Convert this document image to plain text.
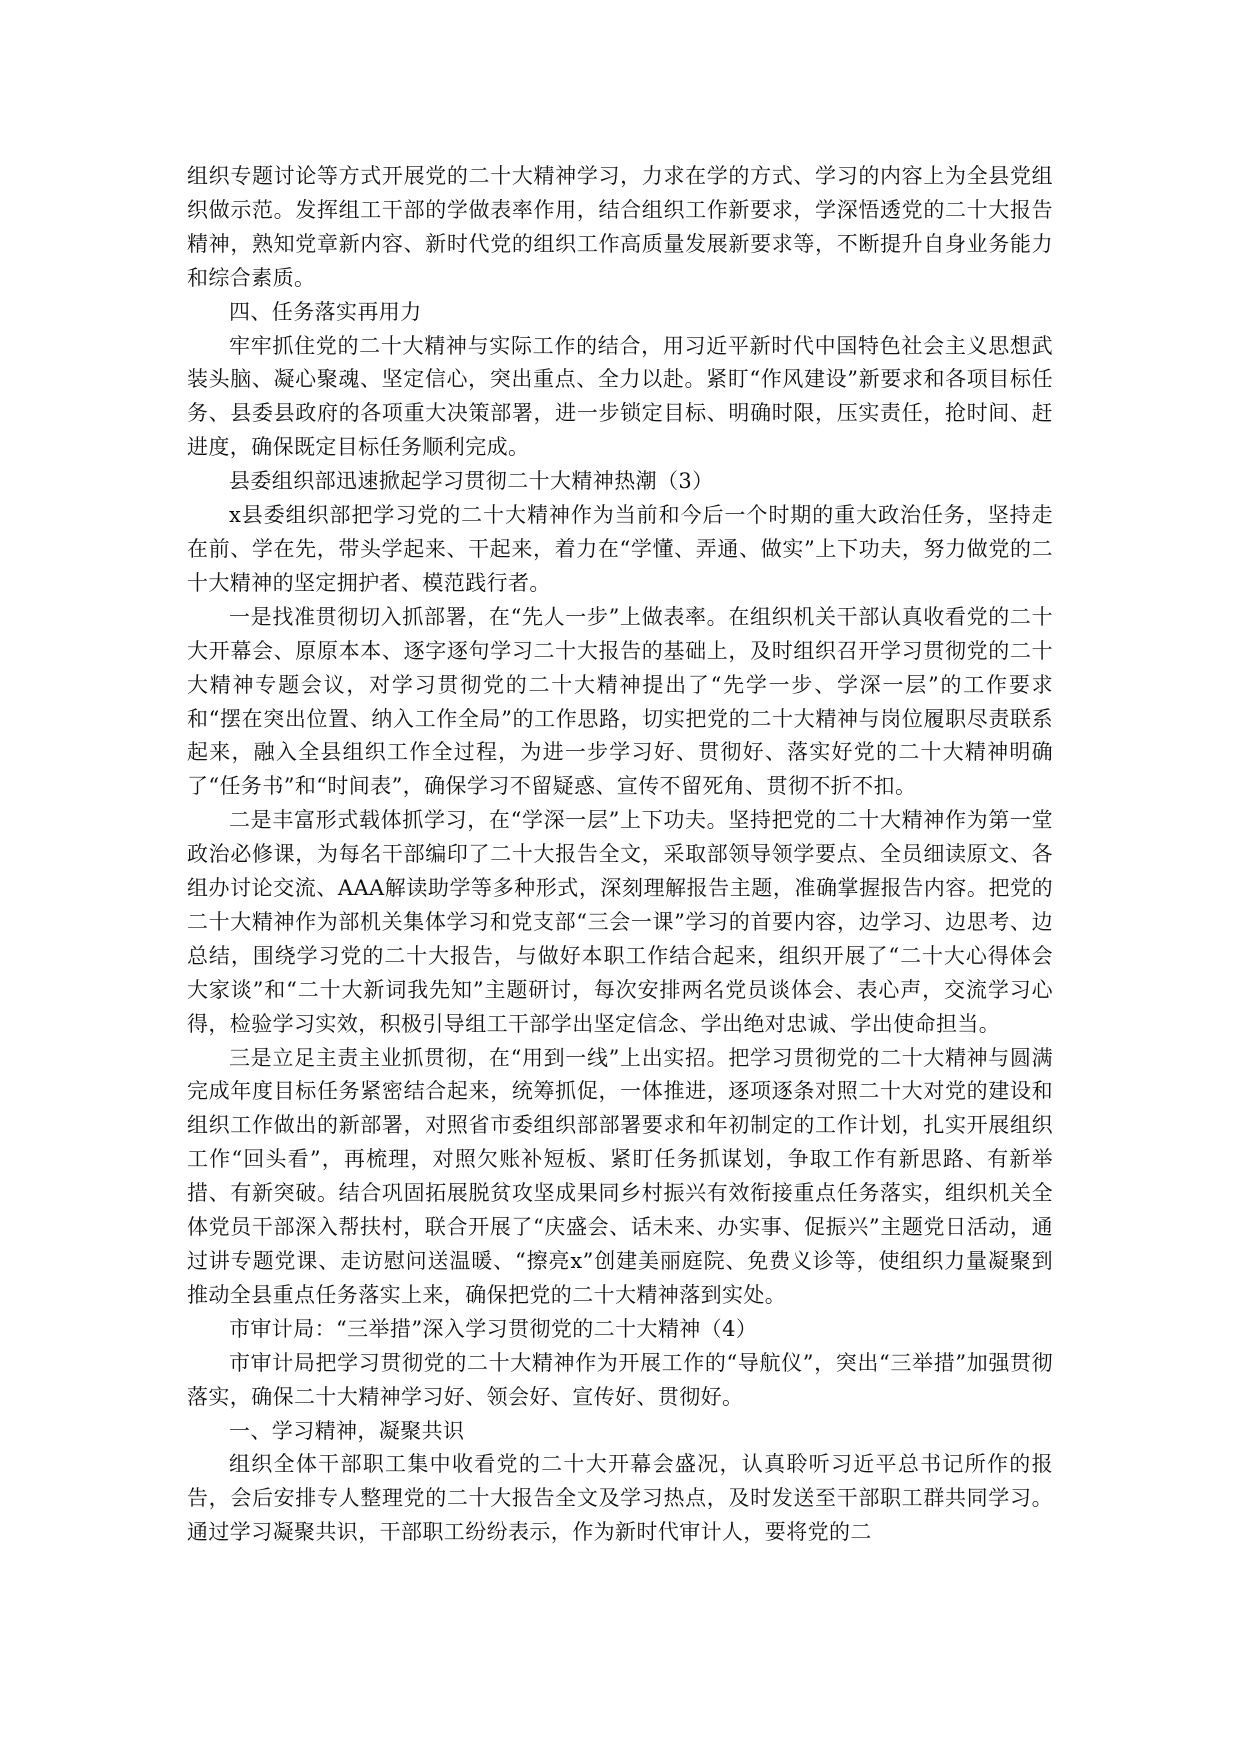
组织专题讨论等方式开展党的二十大精神学习，力求在学的方式、学习的内容上为全县党组织做示范。发挥组工干部的学做表率作用，结合组织工作新要求，学深悟透党的二十大报告精神，熟知党章新内容、新时代党的组织工作高质量发展新要求等，不断提升自身业务能力和综合素质。

四、任务落实再用力

牢牢抓住党的二十大精神与实际工作的结合，用习近平新时代中国特色社会主义思想武装头脑、凝心聚魂、坚定信心，突出重点、全力以赴。紧盯“作风建设”新要求和各项目标任务、县委县政府的各项重大决策部署，进一步锁定目标、明确时限，压实责任，抢时间、赶进度，确保既定目标任务顺利完成。

县委组织部迅速掀起学习贯彻二十大精神热潮（3）

x县委组织部把学习党的二十大精神作为当前和今后一个时期的重大政治任务，坚持走在前、学在先，带头学起来、干起来，着力在“学懂、弄通、做实”上下功夫，努力做党的二十大精神的坚定拥护者、模范践行者。

一是找准贯彻切入抓部署，在“先人一步”上做表率。在组织机关干部认真收看党的二十大开幕会、原原本本、逐字逐句学习二十大报告的基础上，及时组织召开学习贯彻党的二十大精神专题会议，对学习贯彻党的二十大精神提出了“先学一步、学深一层”的工作要求和“摆在突出位置、纳入工作全局”的工作思路，切实把党的二十大精神与岗位履职尽责联系起来，融入全县组织工作全过程，为进一步学习好、贯彻好、落实好党的二十大精神明确了“任务书”和“时间表”，确保学习不留疑惑、宣传不留死角、贯彻不折不扣。

二是丰富形式载体抓学习，在“学深一层”上下功夫。坚持把党的二十大精神作为第一堂政治必修课，为每名干部编印了二十大报告全文，采取部领导领学要点、全员细读原文、各组办讨论交流、AAA解读助学等多种形式，深刻理解报告主题，准确掌握报告内容。把党的二十大精神作为部机关集体学习和党支部“三会一课”学习的首要内容，边学习、边思考、边总结，围绕学习党的二十大报告，与做好本职工作结合起来，组织开展了“二十大心得体会大家谈”和“二十大新词我先知”主题研讨，每次安排两名党员谈体会、表心声，交流学习心得，检验学习实效，积极引导组工干部学出坚定信念、学出绝对忠诚、学出使命担当。

三是立足主责主业抓贯彻，在“用到一线”上出实招。把学习贯彻党的二十大精神与圆满完成年度目标任务紧密结合起来，统筹抓促，一体推进，逐项逐条对照二十大对党的建设和组织工作做出的新部署，对照省市委组织部部署要求和年初制定的工作计划，扎实开展组织工作“回头看”，再梳理，对照欠账补短板、紧盯任务抓谋划，争取工作有新思路、有新举措、有新突破。结合巩固拓展脱贫攻坚成果同乡村振兴有效衔接重点任务落实，组织机关全体党员干部深入帮扶村，联合开展了“庆盛会、话未来、办实事、促振兴”主题党日活动，通过讲专题党课、走访慰问送温暖、“擦亮x”创建美丽庭院、免费义诊等，使组织力量凝聚到推动全县重点任务落实上来，确保把党的二十大精神落到实处。

市审计局：“三举措”深入学习贯彻党的二十大精神（4）

市审计局把学习贯彻党的二十大精神作为开展工作的“导航仪”，突出“三举措”加强贯彻落实，确保二十大精神学习好、领会好、宣传好、贯彻好。

一、学习精神，凝聚共识

组织全体干部职工集中收看党的二十大开幕会盛况，认真聆听习近平总书记所作的报告，会后安排专人整理党的二十大报告全文及学习热点，及时发送至干部职工群共同学习。通过学习凝聚共识，干部职工纷纷表示，作为新时代审计人，要将党的二
